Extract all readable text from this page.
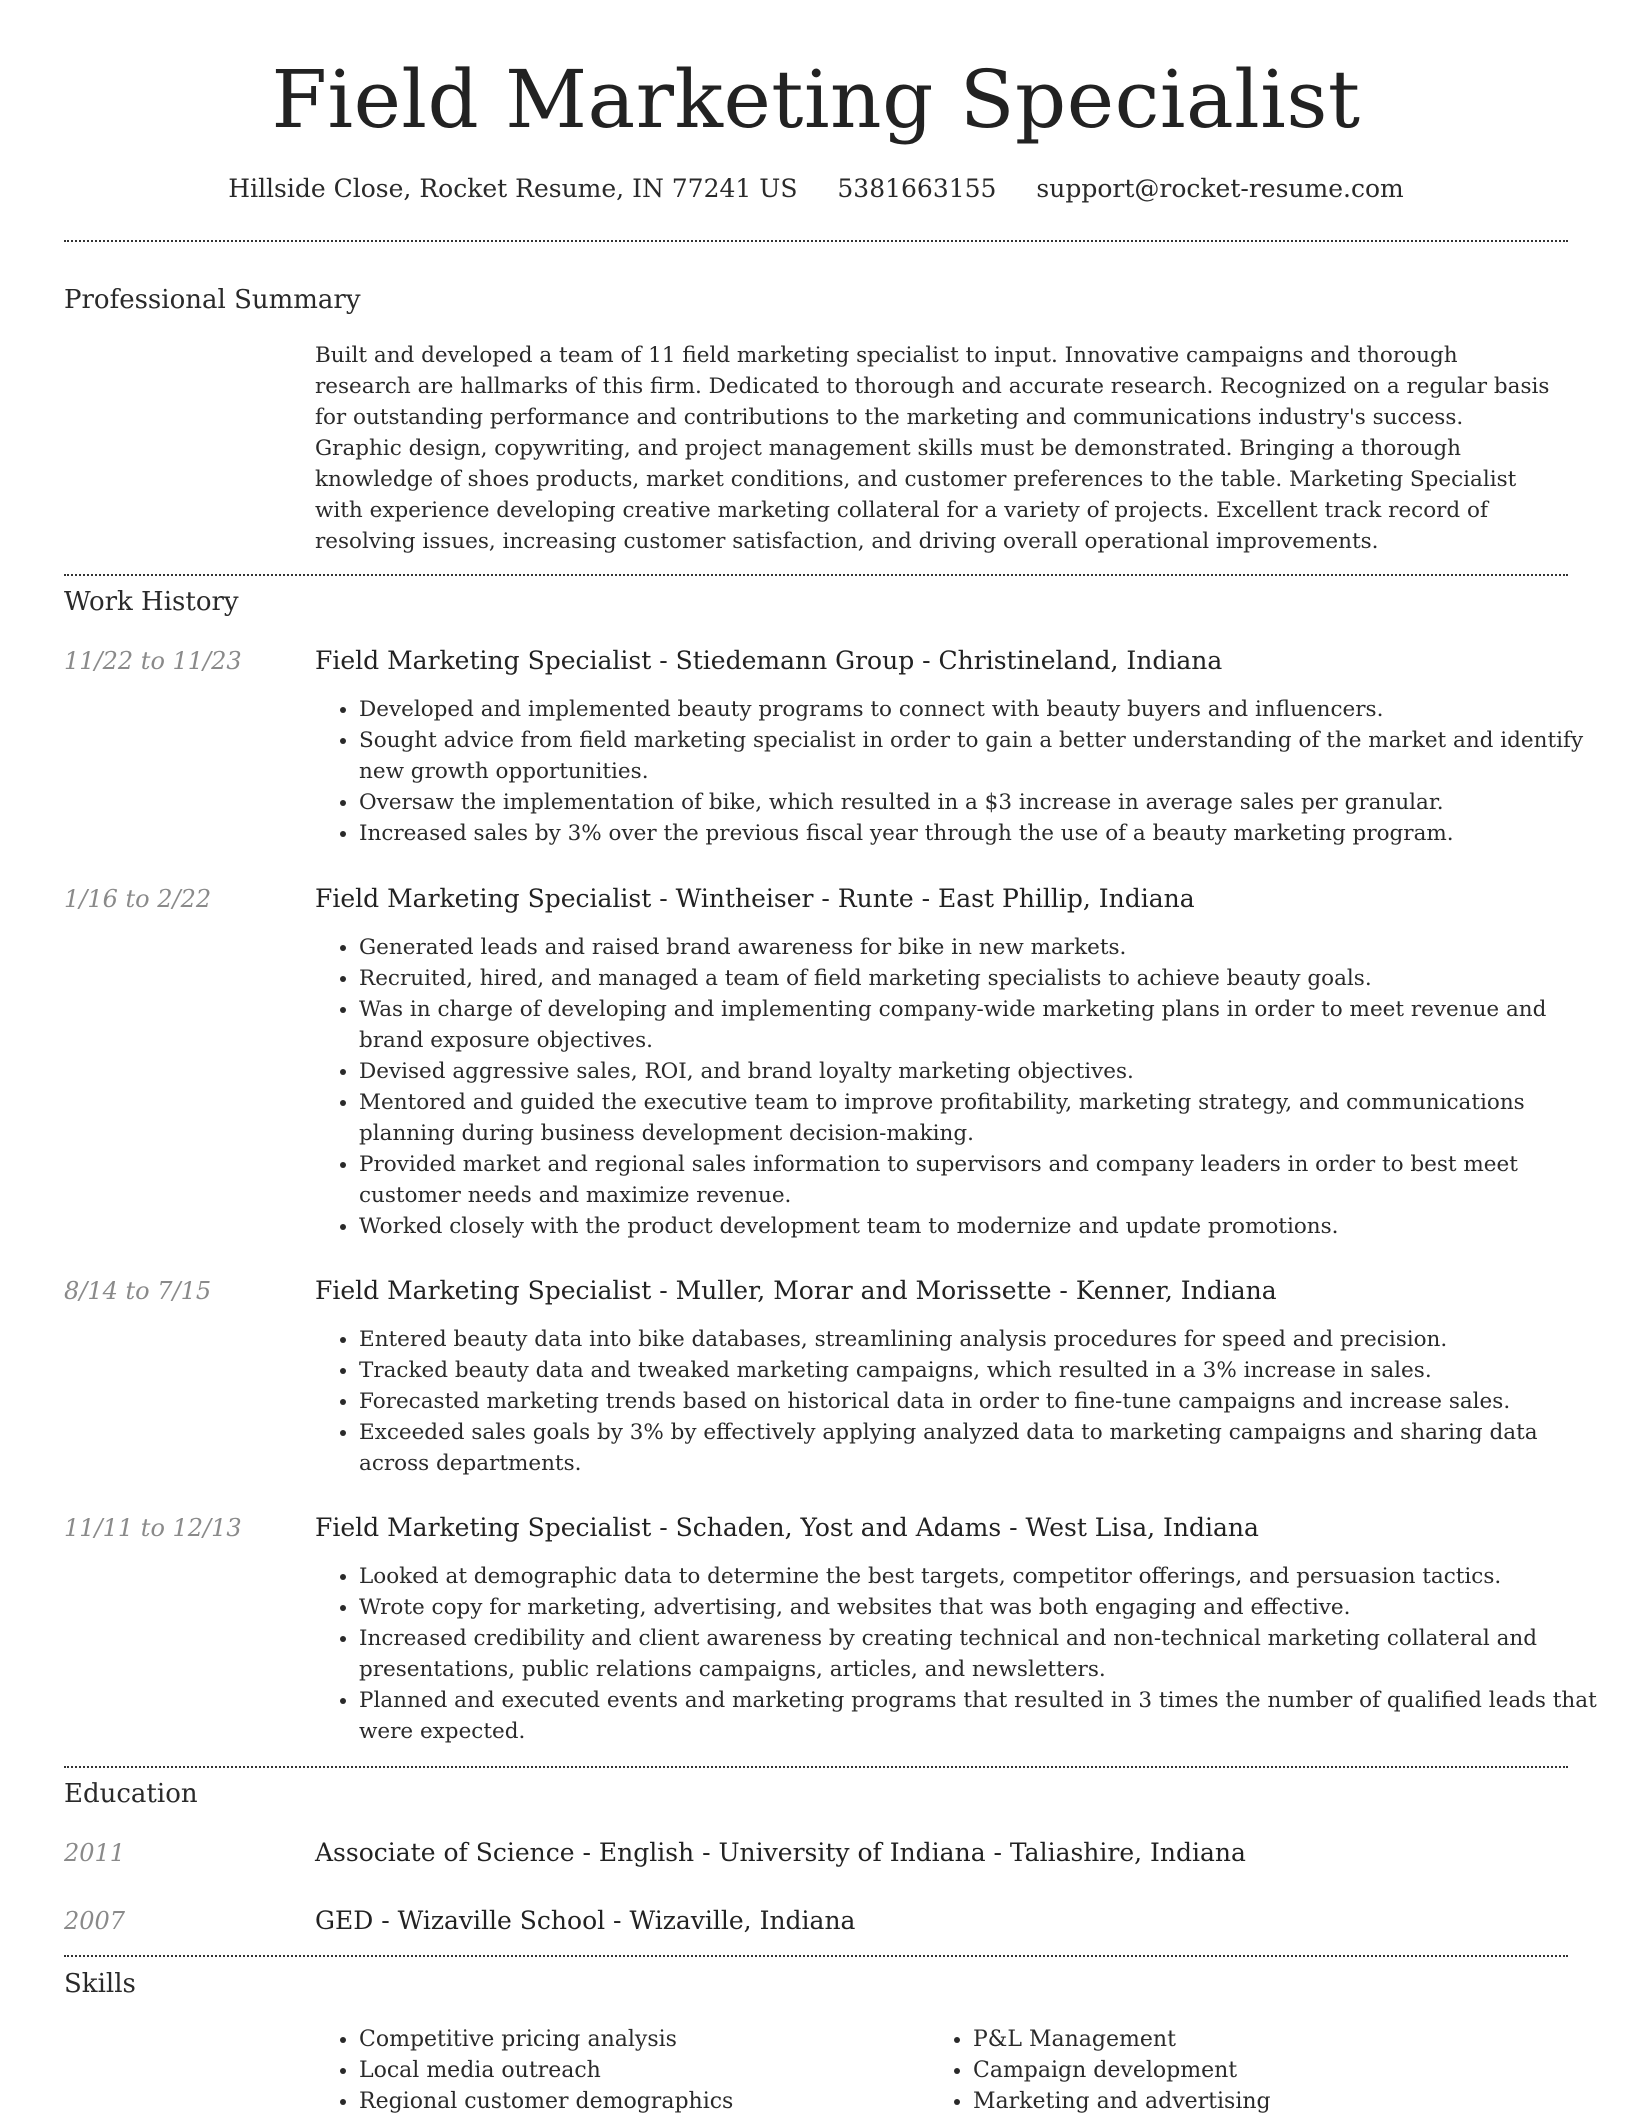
Field Marketing Specialist
Hillside Close, Rocket Resume, IN 77241 US 5381663155 support@rocket-resume.com
Professional Summary
Built and developed a team of 11 field marketing specialist to input. Innovative campaigns and thorough research are hallmarks of this firm. Dedicated to thorough and accurate research. Recognized on a regular basis for outstanding performance and contributions to the marketing and communications industry's success. Graphic design, copywriting, and project management skills must be demonstrated. Bringing a thorough knowledge of shoes products, market conditions, and customer preferences to the table. Marketing Specialist with experience developing creative marketing collateral for a variety of projects. Excellent track record of resolving issues, increasing customer satisfaction, and driving overall operational improvements.
Work History
11/22 to 11/23	Field Marketing Specialist - Stiedemann Group - Christineland, Indiana
• Developed and implemented beauty programs to connect with beauty buyers and influencers.
• Sought advice from field marketing specialist in order to gain a better understanding of the market and identify new growth opportunities.
• Oversaw the implementation of bike, which resulted in a $3 increase in average sales per granular.
• Increased sales by 3% over the previous fiscal year through the use of a beauty marketing program.
1/16 to 2/22	Field Marketing Specialist - Wintheiser - Runte - East Phillip, Indiana
• Generated leads and raised brand awareness for bike in new markets.
• Recruited, hired, and managed a team of field marketing specialists to achieve beauty goals.
• Was in charge of developing and implementing company-wide marketing plans in order to meet revenue and brand exposure objectives.
• Devised aggressive sales, ROI, and brand loyalty marketing objectives.
• Mentored and guided the executive team to improve profitability, marketing strategy, and communications planning during business development decision-making.
• Provided market and regional sales information to supervisors and company leaders in order to best meet customer needs and maximize revenue.
• Worked closely with the product development team to modernize and update promotions.
8/14 to 7/15	Field Marketing Specialist - Muller, Morar and Morissette - Kenner, Indiana
• Entered beauty data into bike databases, streamlining analysis procedures for speed and precision.
• Tracked beauty data and tweaked marketing campaigns, which resulted in a 3% increase in sales.
• Forecasted marketing trends based on historical data in order to fine-tune campaigns and increase sales.
• Exceeded sales goals by 3% by effectively applying analyzed data to marketing campaigns and sharing data across departments.
11/11 to 12/13	Field Marketing Specialist - Schaden, Yost and Adams - West Lisa, Indiana
• Looked at demographic data to determine the best targets, competitor offerings, and persuasion tactics.
• Wrote copy for marketing, advertising, and websites that was both engaging and effective.
• Increased credibility and client awareness by creating technical and non-technical marketing collateral and presentations, public relations campaigns, articles, and newsletters.
• Planned and executed events and marketing programs that resulted in 3 times the number of qualified leads that were expected.
Education
2011	Associate of Science - English - University of Indiana - Taliashire, Indiana
2007	GED - Wizaville School - Wizaville, Indiana
Skills
• Competitive pricing analysis
• Local media outreach
• Regional customer demographics
• P&L Management
• Campaign development
• Marketing and advertising
